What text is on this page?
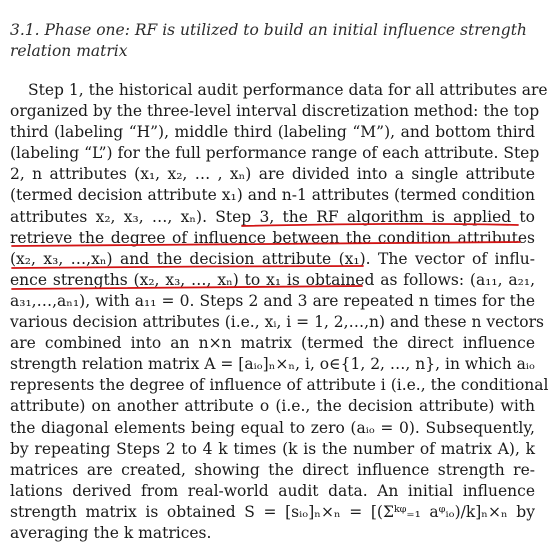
3.1. Phase one: RF is utilized to build an initial influence strength relation matrix
Step 1, the historical audit performance data for all attributes are
organized by the three-level interval discretization method: the top
third (labeling “H”), middle third (labeling “M”), and bottom third
(labeling “L”) for the full performance range of each attribute. Step
2, n attributes (x₁, x₂, … , xₙ) are divided into a single attribute
(termed decision attribute x₁) and n-1 attributes (termed condition
attributes x₂, x₃, …, xₙ). Step 3, the RF algorithm is applied to
retrieve the degree of influence between the condition attributes
(x₂, x₃, …,xₙ) and the decision attribute (x₁). The vector of influ-
ence strengths (x₂, x₃, …, xₙ) to x₁ is obtained as follows: (a₁₁, a₂₁,
a₃₁,…,aₙ₁), with a₁₁ = 0. Steps 2 and 3 are repeated n times for the
various decision attributes (i.e., xᵢ, i = 1, 2,…,n) and these n vectors
are combined into an n×n matrix (termed the direct influence
strength relation matrix A = [aᵢₒ]ₙ×ₙ, i, o∈{1, 2, …, n}, in which aᵢₒ
represents the degree of influence of attribute i (i.e., the conditional
attribute) on another attribute o (i.e., the decision attribute) with
the diagonal elements being equal to zero (aᵢₒ = 0). Subsequently,
by repeating Steps 2 to 4 k times (k is the number of matrix A), k
matrices are created, showing the direct influence strength re-
lations derived from real-world audit data. An initial influence
strength matrix is obtained S = [sᵢₒ]ₙ×ₙ = [(Σᵏᵠ₌₁ aᵠᵢₒ)/k]ₙ×ₙ by
averaging the k matrices.
